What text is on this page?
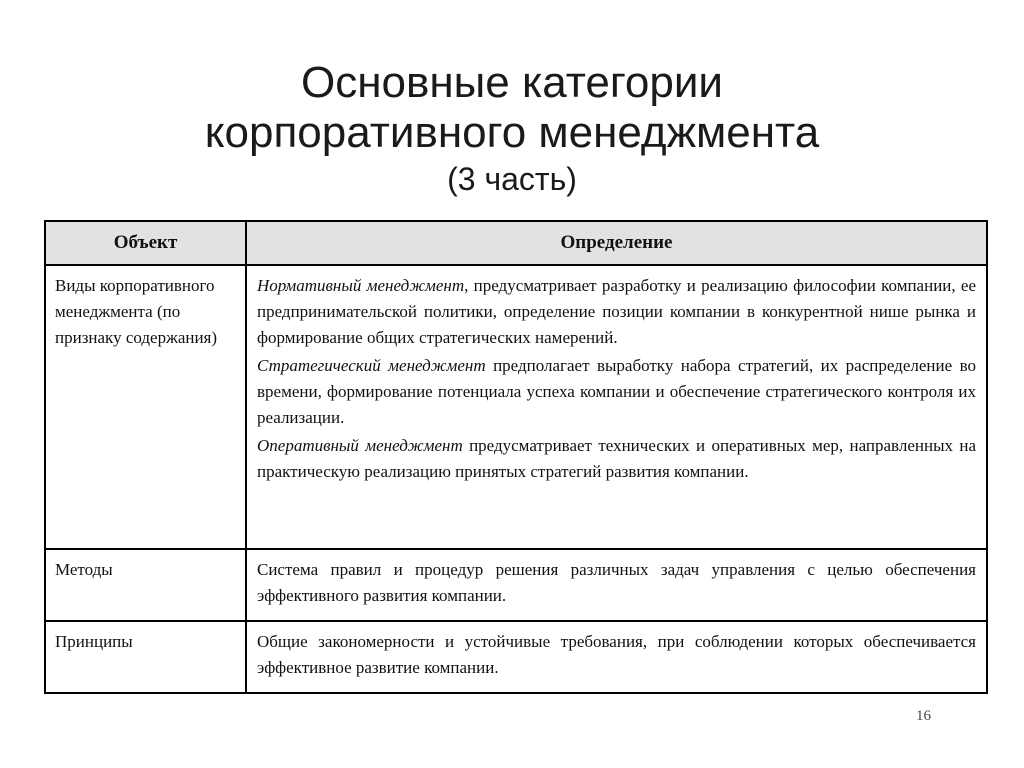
Основные категории
корпоративного менеджмента
(3 часть)
Объект	Определение
Виды корпоративного менеджмента (по признаку содержания)	Нормативный менеджмент, предусматривает разработку и реализацию философии компании, ее предпринимательской политики, определение позиции компании в конкурентной нише рынка и формирование общих стратегических намерений.

Стратегический менеджмент предполагает выработку набора стратегий, их распределение во времени, формирование потенциала успеха компании и обеспечение стратегического контроля их реализации.

Оперативный менеджмент предусматривает технических и оперативных мер, направленных на практическую реализацию принятых стратегий развития компании.

Методы	Система правил и процедур решения различных задач управления с целью обеспечения эффективного развития компании.
Принципы	Общие закономерности и устойчивые требования, при соблюдении которых обеспечивается эффективное развитие компании.
16
